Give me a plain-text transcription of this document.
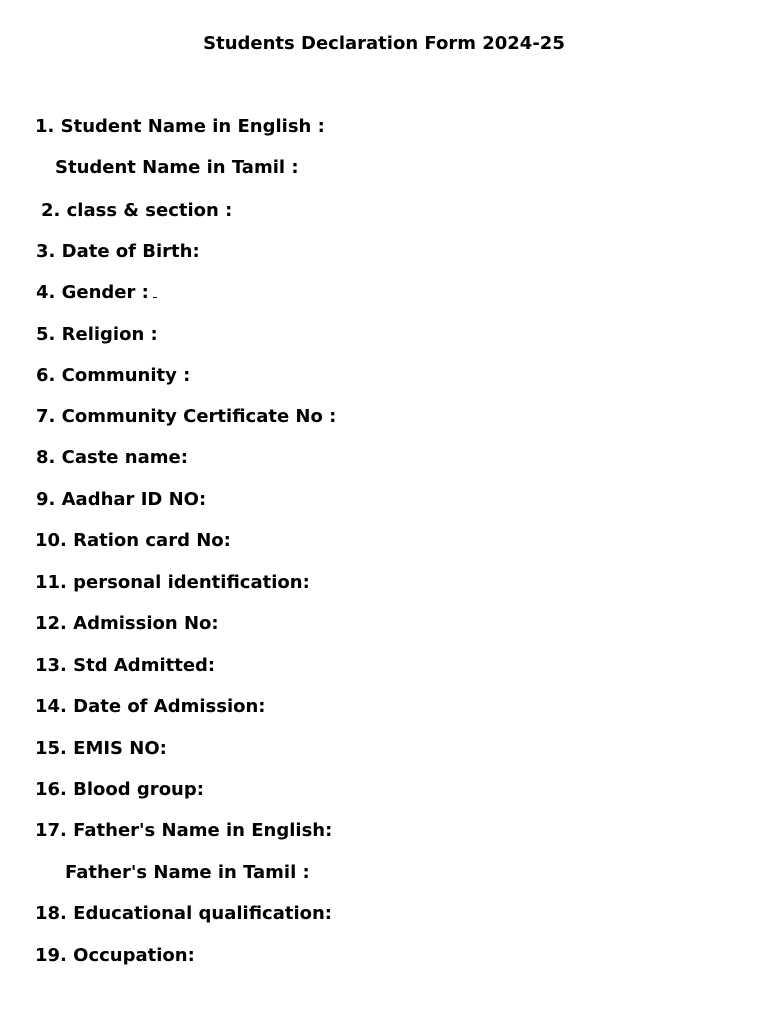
Students Declaration Form 2024-25
1. Student Name in English :
Student Name in Tamil :
2. class & section :
3. Date of Birth:
4. Gender :
5. Religion :
6. Community :
7. Community Certificate No :
8. Caste name:
9. Aadhar ID NO:
10. Ration card No:
11. personal identification:
12. Admission No:
13. Std Admitted:
14. Date of Admission:
15. EMIS NO:
16. Blood group:
17. Father's Name in English:
Father's Name in Tamil :
18. Educational qualification:
19. Occupation:
